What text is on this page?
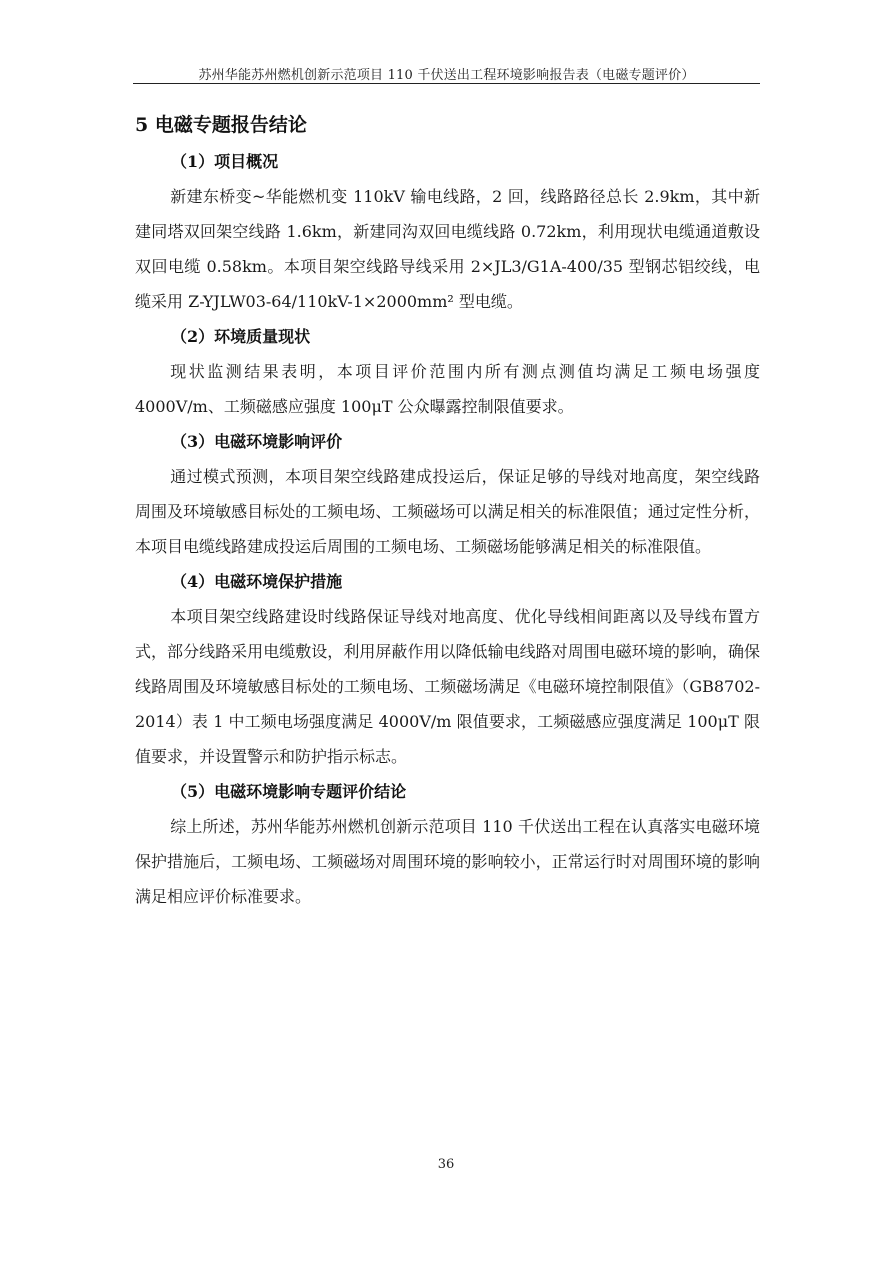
苏州华能苏州燃机创新示范项目 110 千伏送出工程环境影响报告表（电磁专题评价）
5 电磁专题报告结论

（1）项目概况

新建东桥变~华能燃机变 110kV 输电线路，2 回，线路路径总长 2.9km，其中新建同塔双回架空线路 1.6km，新建同沟双回电缆线路 0.72km，利用现状电缆通道敷设双回电缆 0.58km。本项目架空线路导线采用 2×JL3/G1A-400/35 型钢芯铝绞线，电缆采用 Z-YJLW03-64/110kV-1×2000mm² 型电缆。

（2）环境质量现状

现状监测结果表明，本项目评价范围内所有测点测值均满足工频电场强度 4000V/m、工频磁感应强度 100μT 公众曝露控制限值要求。

（3）电磁环境影响评价

通过模式预测，本项目架空线路建成投运后，保证足够的导线对地高度，架空线路周围及环境敏感目标处的工频电场、工频磁场可以满足相关的标准限值；通过定性分析，本项目电缆线路建成投运后周围的工频电场、工频磁场能够满足相关的标准限值。

（4）电磁环境保护措施

本项目架空线路建设时线路保证导线对地高度、优化导线相间距离以及导线布置方式，部分线路采用电缆敷设，利用屏蔽作用以降低输电线路对周围电磁环境的影响，确保线路周围及环境敏感目标处的工频电场、工频磁场满足《电磁环境控制限值》（GB8702-2014）表 1 中工频电场强度满足 4000V/m 限值要求，工频磁感应强度满足 100μT 限值要求，并设置警示和防护指示标志。

（5）电磁环境影响专题评价结论

综上所述，苏州华能苏州燃机创新示范项目 110 千伏送出工程在认真落实电磁环境保护措施后，工频电场、工频磁场对周围环境的影响较小，正常运行时对周围环境的影响满足相应评价标准要求。

36
